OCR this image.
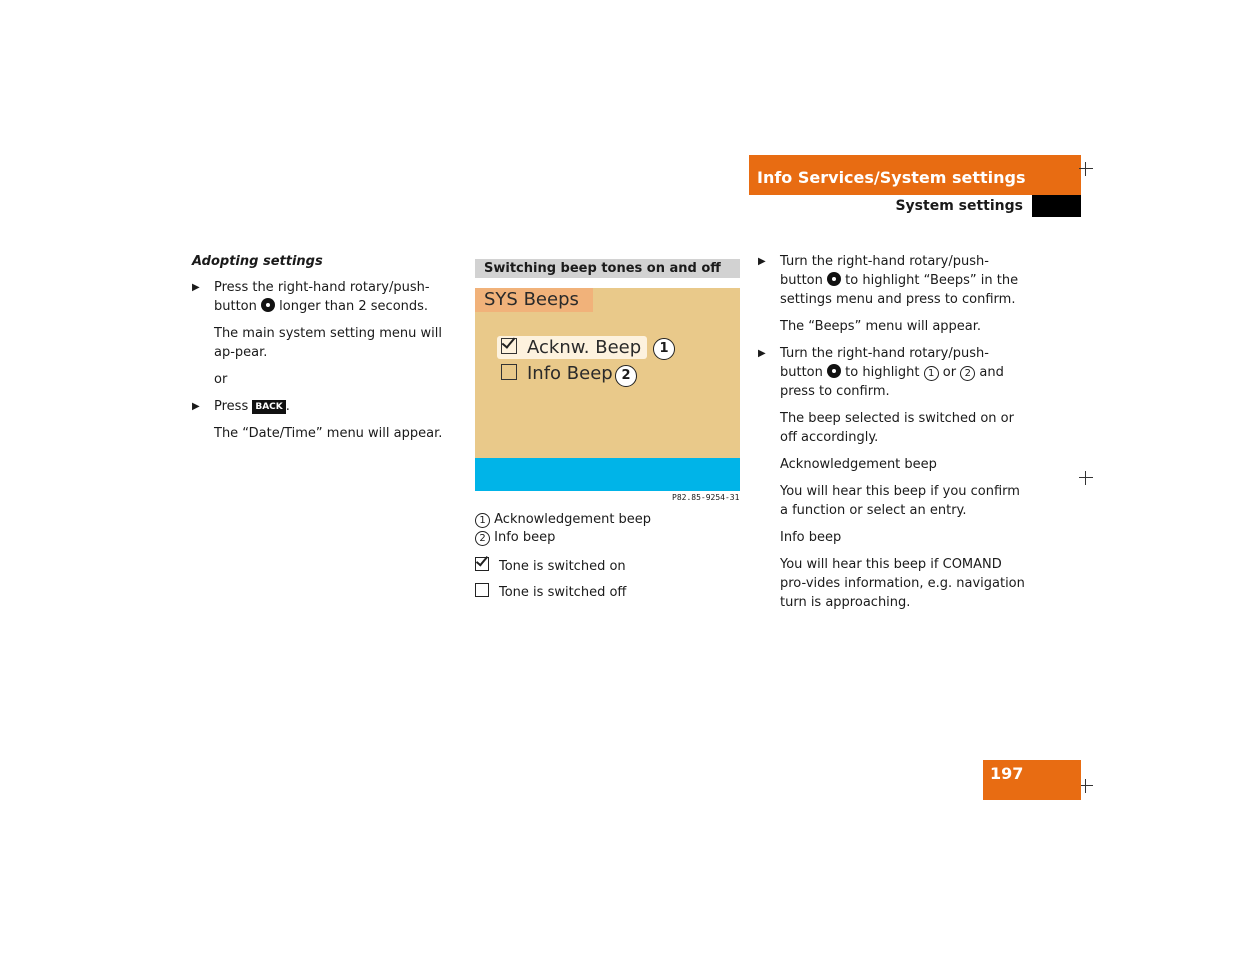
Info Services/System settings
System settings
Adopting settings
▶ Press the right-hand rotary/push-button longer than 2 seconds.
The main system setting menu will ap-pear.
or
▶ Press BACK .
The “Date/Time” menu will appear.
Switching beep tones on and off
SYS Beeps
Acknw. Beep	1
Info Beep 2
P82.85-9254-31
1 Acknowledgement beep
2 Info beep
Tone is switched on
Tone is switched off
▶ Turn the right-hand rotary/push-button to highlight “Beeps” in the settings menu and press to confirm.
The “Beeps” menu will appear.
▶ Turn the right-hand rotary/push-button to highlight 1 or 2 and press to confirm.
The beep selected is switched on or off accordingly.
Acknowledgement beep
You will hear this beep if you confirm a function or select an entry.
Info beep
You will hear this beep if COMAND pro-vides information, e.g. navigation turn is approaching.
197
